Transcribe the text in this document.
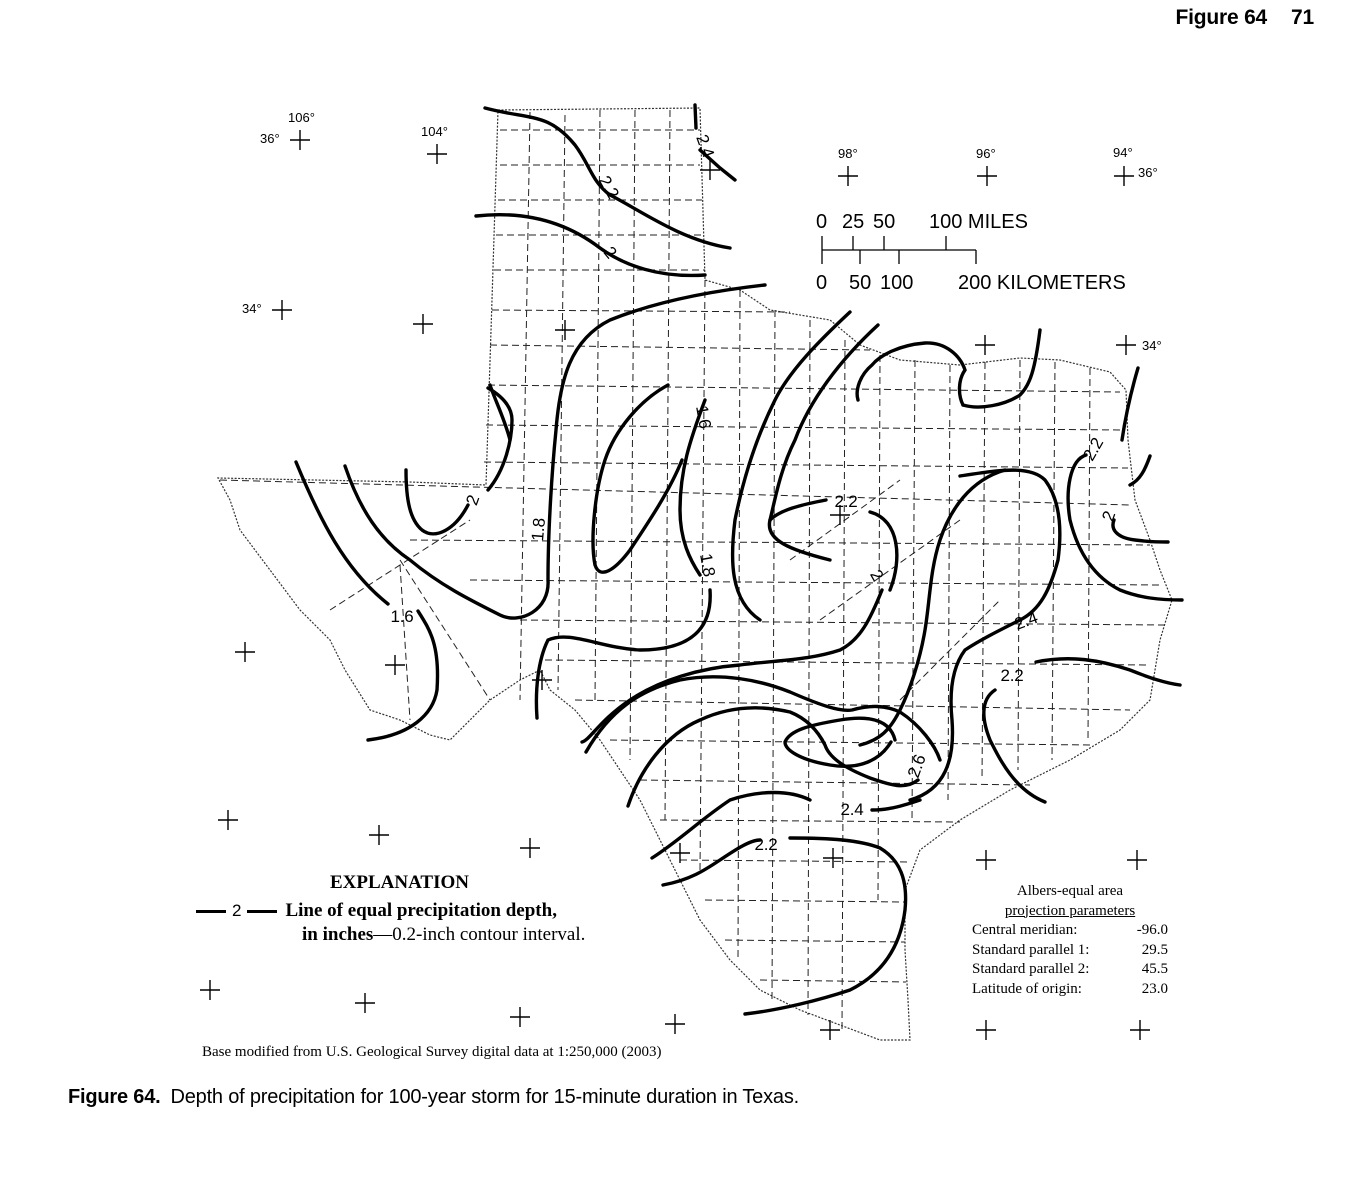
Figure 64 71
106°
36°	104°
98°	96°	94°
36°
34°
34°
0 25 50 100 MILES
0 50 100 200 KILOMETERS
2.4
2.2
2
1.6
2
1.8
1.6
1.8
2.2
2
2.2
2
2.4
2.2
2.6
2.4
2.2
EXPLANATION
2 Line of equal precipitation depth,
in inches—0.2-inch contour interval.
Albers-equal area
projection parameters
Central meridian:	-96.0
Standard parallel 1:	29.5
Standard parallel 2:	45.5
Latitude of origin:	23.0
Base modified from U.S. Geological Survey digital data at 1:250,000 (2003)
Figure 64. Depth of precipitation for 100-year storm for 15-minute duration in Texas.
